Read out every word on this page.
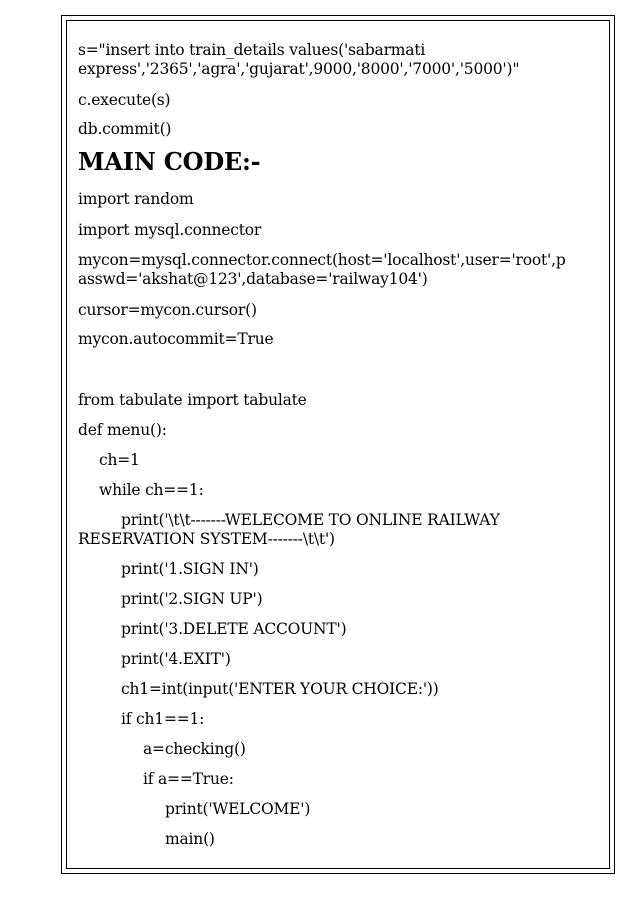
s="insert into train_details values('sabarmati
express','2365','agra','gujarat',9000,'8000','7000','5000')"
c.execute(s)
db.commit()
MAIN CODE:-
import random
import mysql.connector
mycon=mysql.connector.connect(host='localhost',user='root',p
asswd='akshat@123',database='railway104')
cursor=mycon.cursor()
mycon.autocommit=True
from tabulate import tabulate
def menu():
ch=1
while ch==1:
print('\t\t-------WELECOME TO ONLINE RAILWAY
RESERVATION SYSTEM-------\t\t')
print('1.SIGN IN')
print('2.SIGN UP')
print('3.DELETE ACCOUNT')
print('4.EXIT')
ch1=int(input('ENTER YOUR CHOICE:'))
if ch1==1:
a=checking()
if a==True:
print('WELCOME')
main()
